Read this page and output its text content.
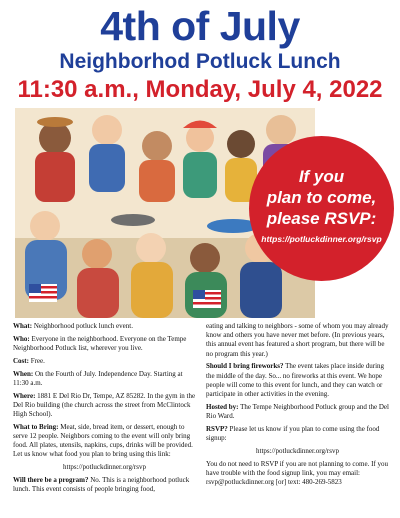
4th of July
Neighborhod Potluck Lunch
11:30 a.m., Monday, July 4, 2022
If you
plan to come,
please RSVP:
https://potluckdinner.org/rsvp

What: Neighborhood potluck lunch event.

Who: Everyone in the neighborhood. Everyone on the Tempe Neighborhood Potluck list, wherever you live.

Cost: Free.

When: On the Fourth of July. Independence Day. Starting at 11:30 a.m.

Where: 1881 E Del Rio Dr, Tempe, AZ 85282. In the gym in the Del Rio building (the church across the street from McClintock High School).

What to Bring: Meat, side, bread item, or dessert, enough to serve 12 people. Neighbors coming to the event will only bring food. All plates, utensils, napkins, cups, drinks will be provided. Let us know what food you plan to bring using this link:

https://potluckdinner.org/rsvp

Will there be a program? No. This is a neighborhood potluck lunch. This event consists of people bringing food,

eating and talking to neighbors - some of whom you may already know and others you have never met before. (In previous years, this annual event has featured a short program, but there will be no program this year.)

Should I bring fireworks? The event takes place inside during the middle of the day. So... no fireworks at this event. We hope people will come to this event for lunch, and they can watch or participate in other activities in the evening.

Hosted by: The Tempe Neighborhood Potluck group and the Del Rio Ward.

RSVP? Please let us know if you plan to come using the food signup:

https://potluckdinner.org/rsvp

You do not need to RSVP if you are not planning to come. If you have trouble with the food signup link, you may email: rsvp@potluckdinner.org [or] text: 480-269-5823
